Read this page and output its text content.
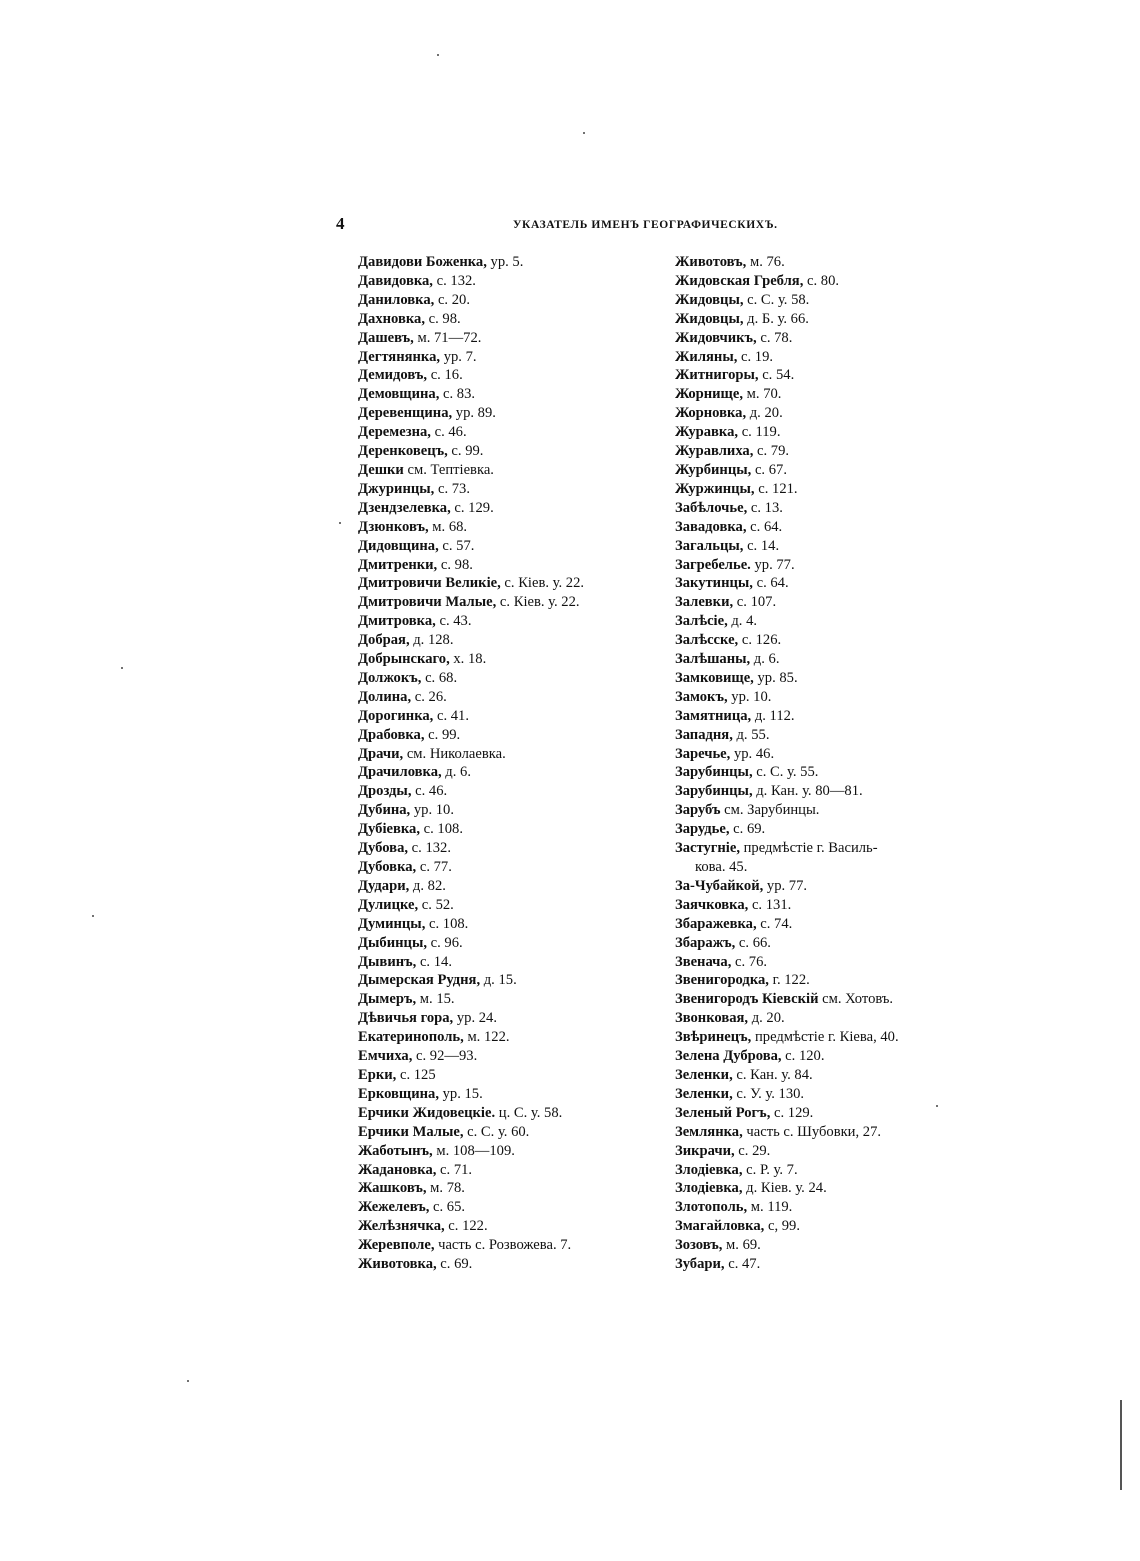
4	УКАЗАТЕЛЬ ИМЕНЪ ГЕОГРАФИЧЕСКИХЪ.
Давидови Боженка, ур. 5.
Давидовка, с. 132.
Даниловка, с. 20.
Дахновка, с. 98.
Дашевъ, м. 71—72.
Дегтянянка, ур. 7.
Демидовъ, с. 16.
Демовщина, с. 83.
Деревенщина, ур. 89.
Деремезна, с. 46.
Деренковецъ, с. 99.
Дешки см. Тептіевка.
Джуринцы, с. 73.
Дзендзелевка, с. 129.
Дзюнковъ, м. 68.
Дидовщина, с. 57.
Дмитренки, с. 98.
Дмитровичи Великіе, с. Кіев. у. 22.
Дмитровичи Малые, с. Кіев. у. 22.
Дмитровка, с. 43.
Добрая, д. 128.
Добрынскаго, х. 18.
Должокъ, с. 68.
Долина, с. 26.
Дорогинка, с. 41.
Драбовка, с. 99.
Драчи, см. Николаевка.
Драчиловка, д. 6.
Дрозды, с. 46.
Дубина, ур. 10.
Дубіевка, с. 108.
Дубова, с. 132.
Дубовка, с. 77.
Дудари, д. 82.
Дулицке, с. 52.
Думинцы, с. 108.
Дыбинцы, с. 96.
Дывинъ, с. 14.
Дымерская Рудня, д. 15.
Дымеръ, м. 15.
Дѣвичья гора, ур. 24.
Екатеринополь, м. 122.
Емчиха, с. 92—93.
Ерки, с. 125
Ерковщина, ур. 15.
Ерчики Жидовецкіе. ц. С. у. 58.
Ерчики Малые, с. С. у. 60.
Жаботынъ, м. 108—109.
Жадановка, с. 71.
Жашковъ, м. 78.
Жежелевъ, с. 65.
Желѣзнячка, с. 122.
Жеревполе, часть с. Розвожева. 7.
Животовка, с. 69.
Животовъ, м. 76.
Жидовская Гребля, с. 80.
Жидовцы, с. С. у. 58.
Жидовцы, д. Б. у. 66.
Жидовчикъ, с. 78.
Жиляны, с. 19.
Житнигоры, с. 54.
Жорнище, м. 70.
Жорновка, д. 20.
Журавка, с. 119.
Журавлиха, с. 79.
Журбинцы, с. 67.
Журжинцы, с. 121.
Забѣлочье, с. 13.
Завадовка, с. 64.
Загальцы, с. 14.
Загребелье. ур. 77.
Закутинцы, с. 64.
Залевки, с. 107.
Залѣсіе, д. 4.
Залѣсске, с. 126.
Залѣшаны, д. 6.
Замковище, ур. 85.
Замокъ, ур. 10.
Замятница, д. 112.
Западня, д. 55.
Заречье, ур. 46.
Зарубинцы, с. С. у. 55.
Зарубинцы, д. Кан. у. 80—81.
Зарубъ см. Зарубинцы.
Зарудье, с. 69.
Застугніе, предмѣстіе г. Василь-
кова. 45.
За-Чубайкой, ур. 77.
Заячковка, с. 131.
Збаражевка, с. 74.
Збаражъ, с. 66.
Звенача, с. 76.
Звенигородка, г. 122.
Звенигородъ Кіевскій см. Хотовъ.
Звонковая, д. 20.
Звѣринецъ, предмѣстіе г. Кіева, 40.
Зелена Дуброва, с. 120.
Зеленки, с. Кан. у. 84.
Зеленки, с. У. у. 130.
Зеленый Рогъ, с. 129.
Землянка, часть с. Шубовки, 27.
Зикрачи, с. 29.
Злодіевка, с. Р. у. 7.
Злодіевка, д. Кіев. у. 24.
Злотополь, м. 119.
Змагайловка, с, 99.
Зозовъ, м. 69.
Зубари, с. 47.
